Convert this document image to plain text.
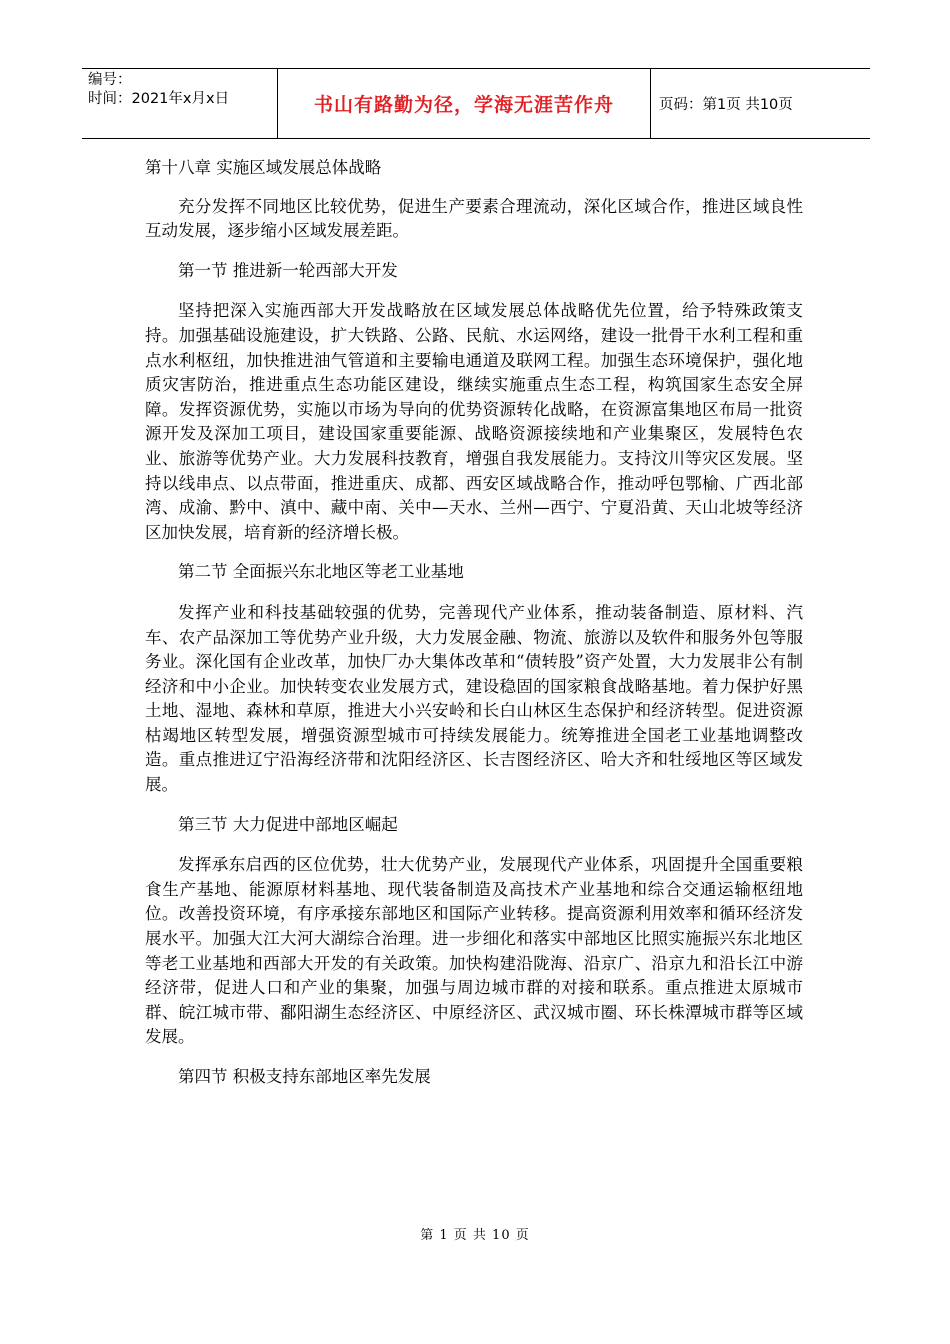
编号：
时间：2021年x月x日	书山有路勤为径，学海无涯苦作舟	页码：第1页 共10页

第十八章 实施区域发展总体战略

充分发挥不同地区比较优势，促进生产要素合理流动，深化区域合作，推进区域良性互动发展，逐步缩小区域发展差距。

第一节 推进新一轮西部大开发

坚持把深入实施西部大开发战略放在区域发展总体战略优先位置，给予特殊政策支持。加强基础设施建设，扩大铁路、公路、民航、水运网络，建设一批骨干水利工程和重点水利枢纽，加快推进油气管道和主要输电通道及联网工程。加强生态环境保护，强化地质灾害防治，推进重点生态功能区建设，继续实施重点生态工程，构筑国家生态安全屏障。发挥资源优势，实施以市场为导向的优势资源转化战略，在资源富集地区布局一批资源开发及深加工项目，建设国家重要能源、战略资源接续地和产业集聚区，发展特色农业、旅游等优势产业。大力发展科技教育，增强自我发展能力。支持汶川等灾区发展。坚持以线串点、以点带面，推进重庆、成都、西安区域战略合作，推动呼包鄂榆、广西北部湾、成渝、黔中、滇中、藏中南、关中—天水、兰州—西宁、宁夏沿黄、天山北坡等经济区加快发展，培育新的经济增长极。

第二节 全面振兴东北地区等老工业基地

发挥产业和科技基础较强的优势，完善现代产业体系，推动装备制造、原材料、汽车、农产品深加工等优势产业升级，大力发展金融、物流、旅游以及软件和服务外包等服务业。深化国有企业改革，加快厂办大集体改革和“债转股”资产处置，大力发展非公有制经济和中小企业。加快转变农业发展方式，建设稳固的国家粮食战略基地。着力保护好黑土地、湿地、森林和草原，推进大小兴安岭和长白山林区生态保护和经济转型。促进资源枯竭地区转型发展，增强资源型城市可持续发展能力。统筹推进全国老工业基地调整改造。重点推进辽宁沿海经济带和沈阳经济区、长吉图经济区、哈大齐和牡绥地区等区域发展。

第三节 大力促进中部地区崛起

发挥承东启西的区位优势，壮大优势产业，发展现代产业体系，巩固提升全国重要粮食生产基地、能源原材料基地、现代装备制造及高技术产业基地和综合交通运输枢纽地位。改善投资环境，有序承接东部地区和国际产业转移。提高资源利用效率和循环经济发展水平。加强大江大河大湖综合治理。进一步细化和落实中部地区比照实施振兴东北地区等老工业基地和西部大开发的有关政策。加快构建沿陇海、沿京广、沿京九和沿长江中游经济带，促进人口和产业的集聚，加强与周边城市群的对接和联系。重点推进太原城市群、皖江城市带、鄱阳湖生态经济区、中原经济区、武汉城市圈、环长株潭城市群等区域发展。

第四节 积极支持东部地区率先发展

第 1 页 共 10 页
